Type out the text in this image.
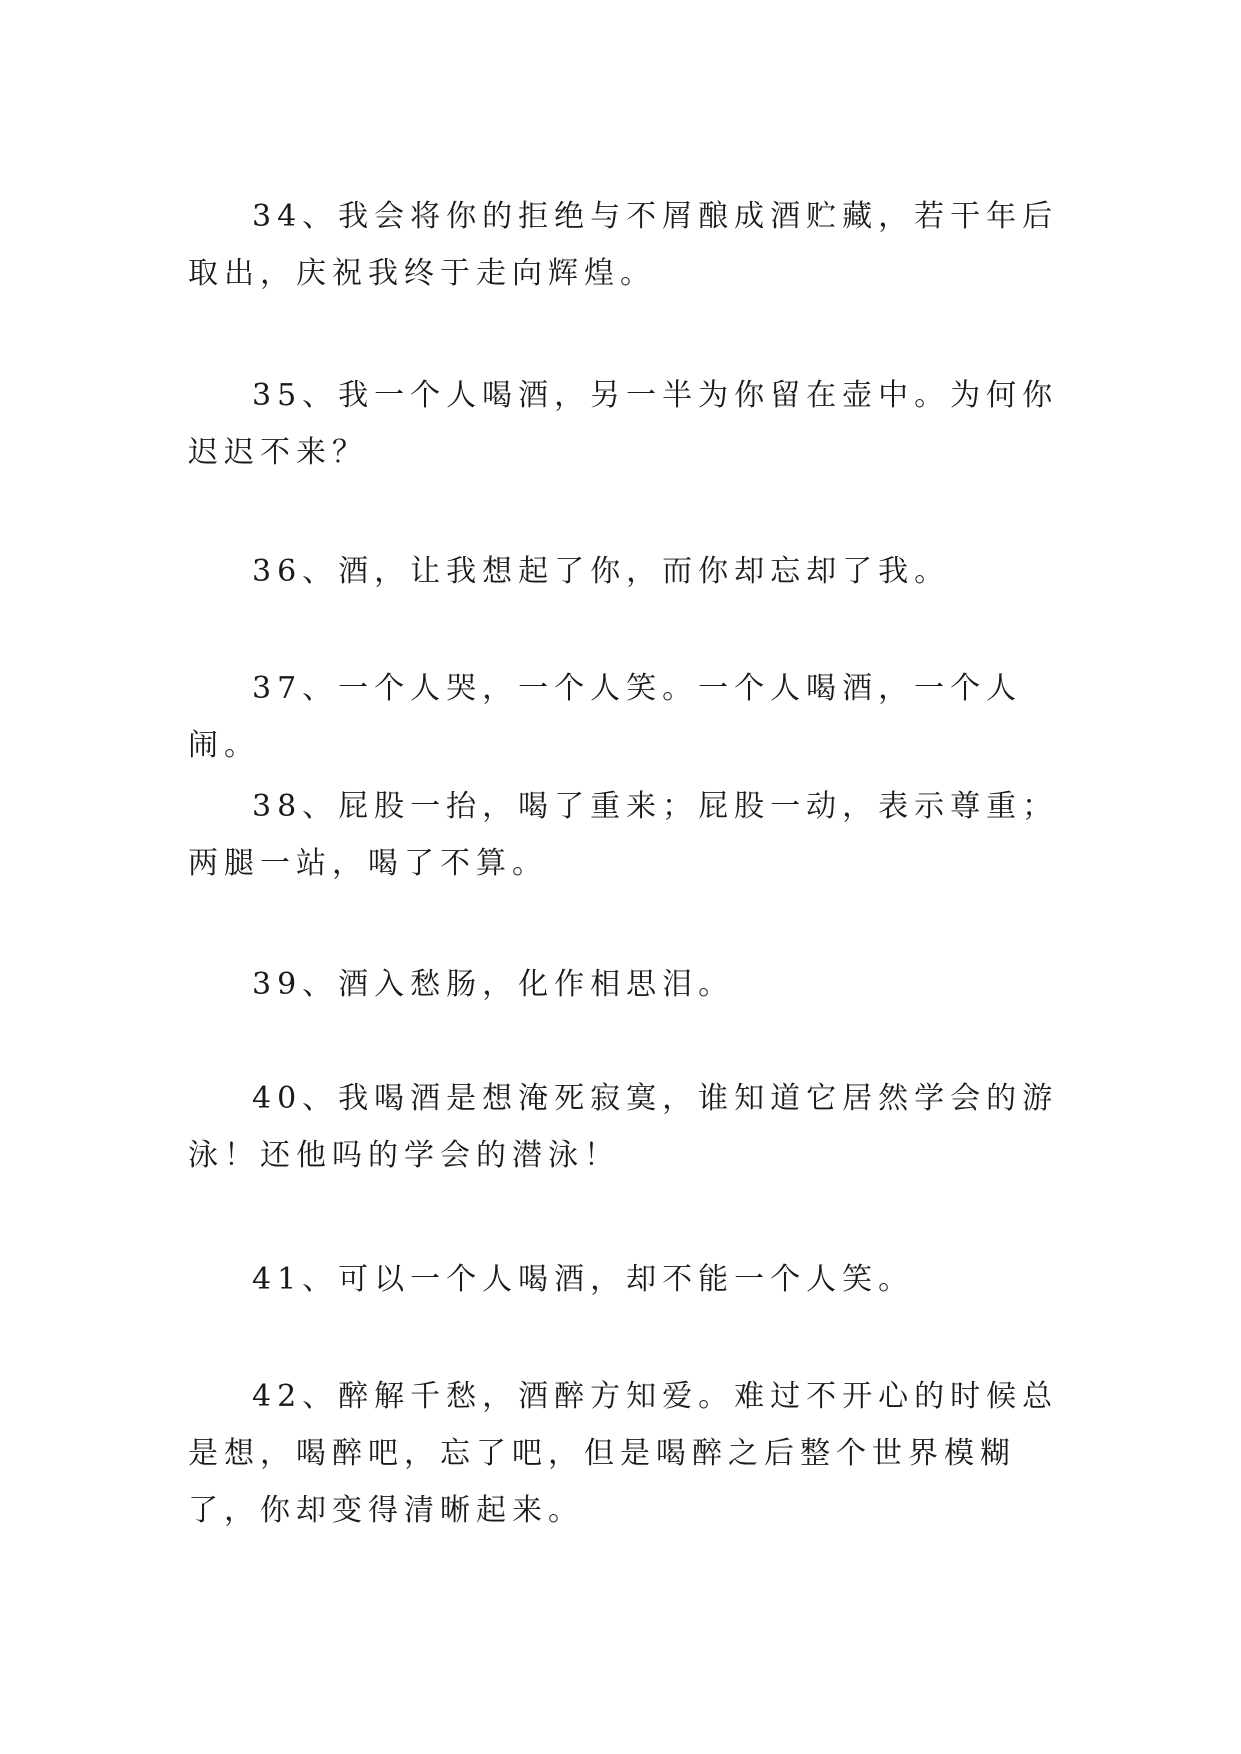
34、我会将你的拒绝与不屑酿成酒贮藏，若干年后取出，庆祝我终于走向辉煌。

35、我一个人喝酒，另一半为你留在壶中。为何你迟迟不来？

36、酒，让我想起了你，而你却忘却了我。

37、一个人哭，一个人笑。一个人喝酒，一个人闹。

38、屁股一抬，喝了重来；屁股一动，表示尊重；两腿一站，喝了不算。

39、酒入愁肠，化作相思泪。

40、我喝酒是想淹死寂寞，谁知道它居然学会的游泳！还他吗的学会的潜泳！

41、可以一个人喝酒，却不能一个人笑。

42、醉解千愁，酒醉方知爱。难过不开心的时候总是想，喝醉吧，忘了吧，但是喝醉之后整个世界模糊了，你却变得清晰起来。
